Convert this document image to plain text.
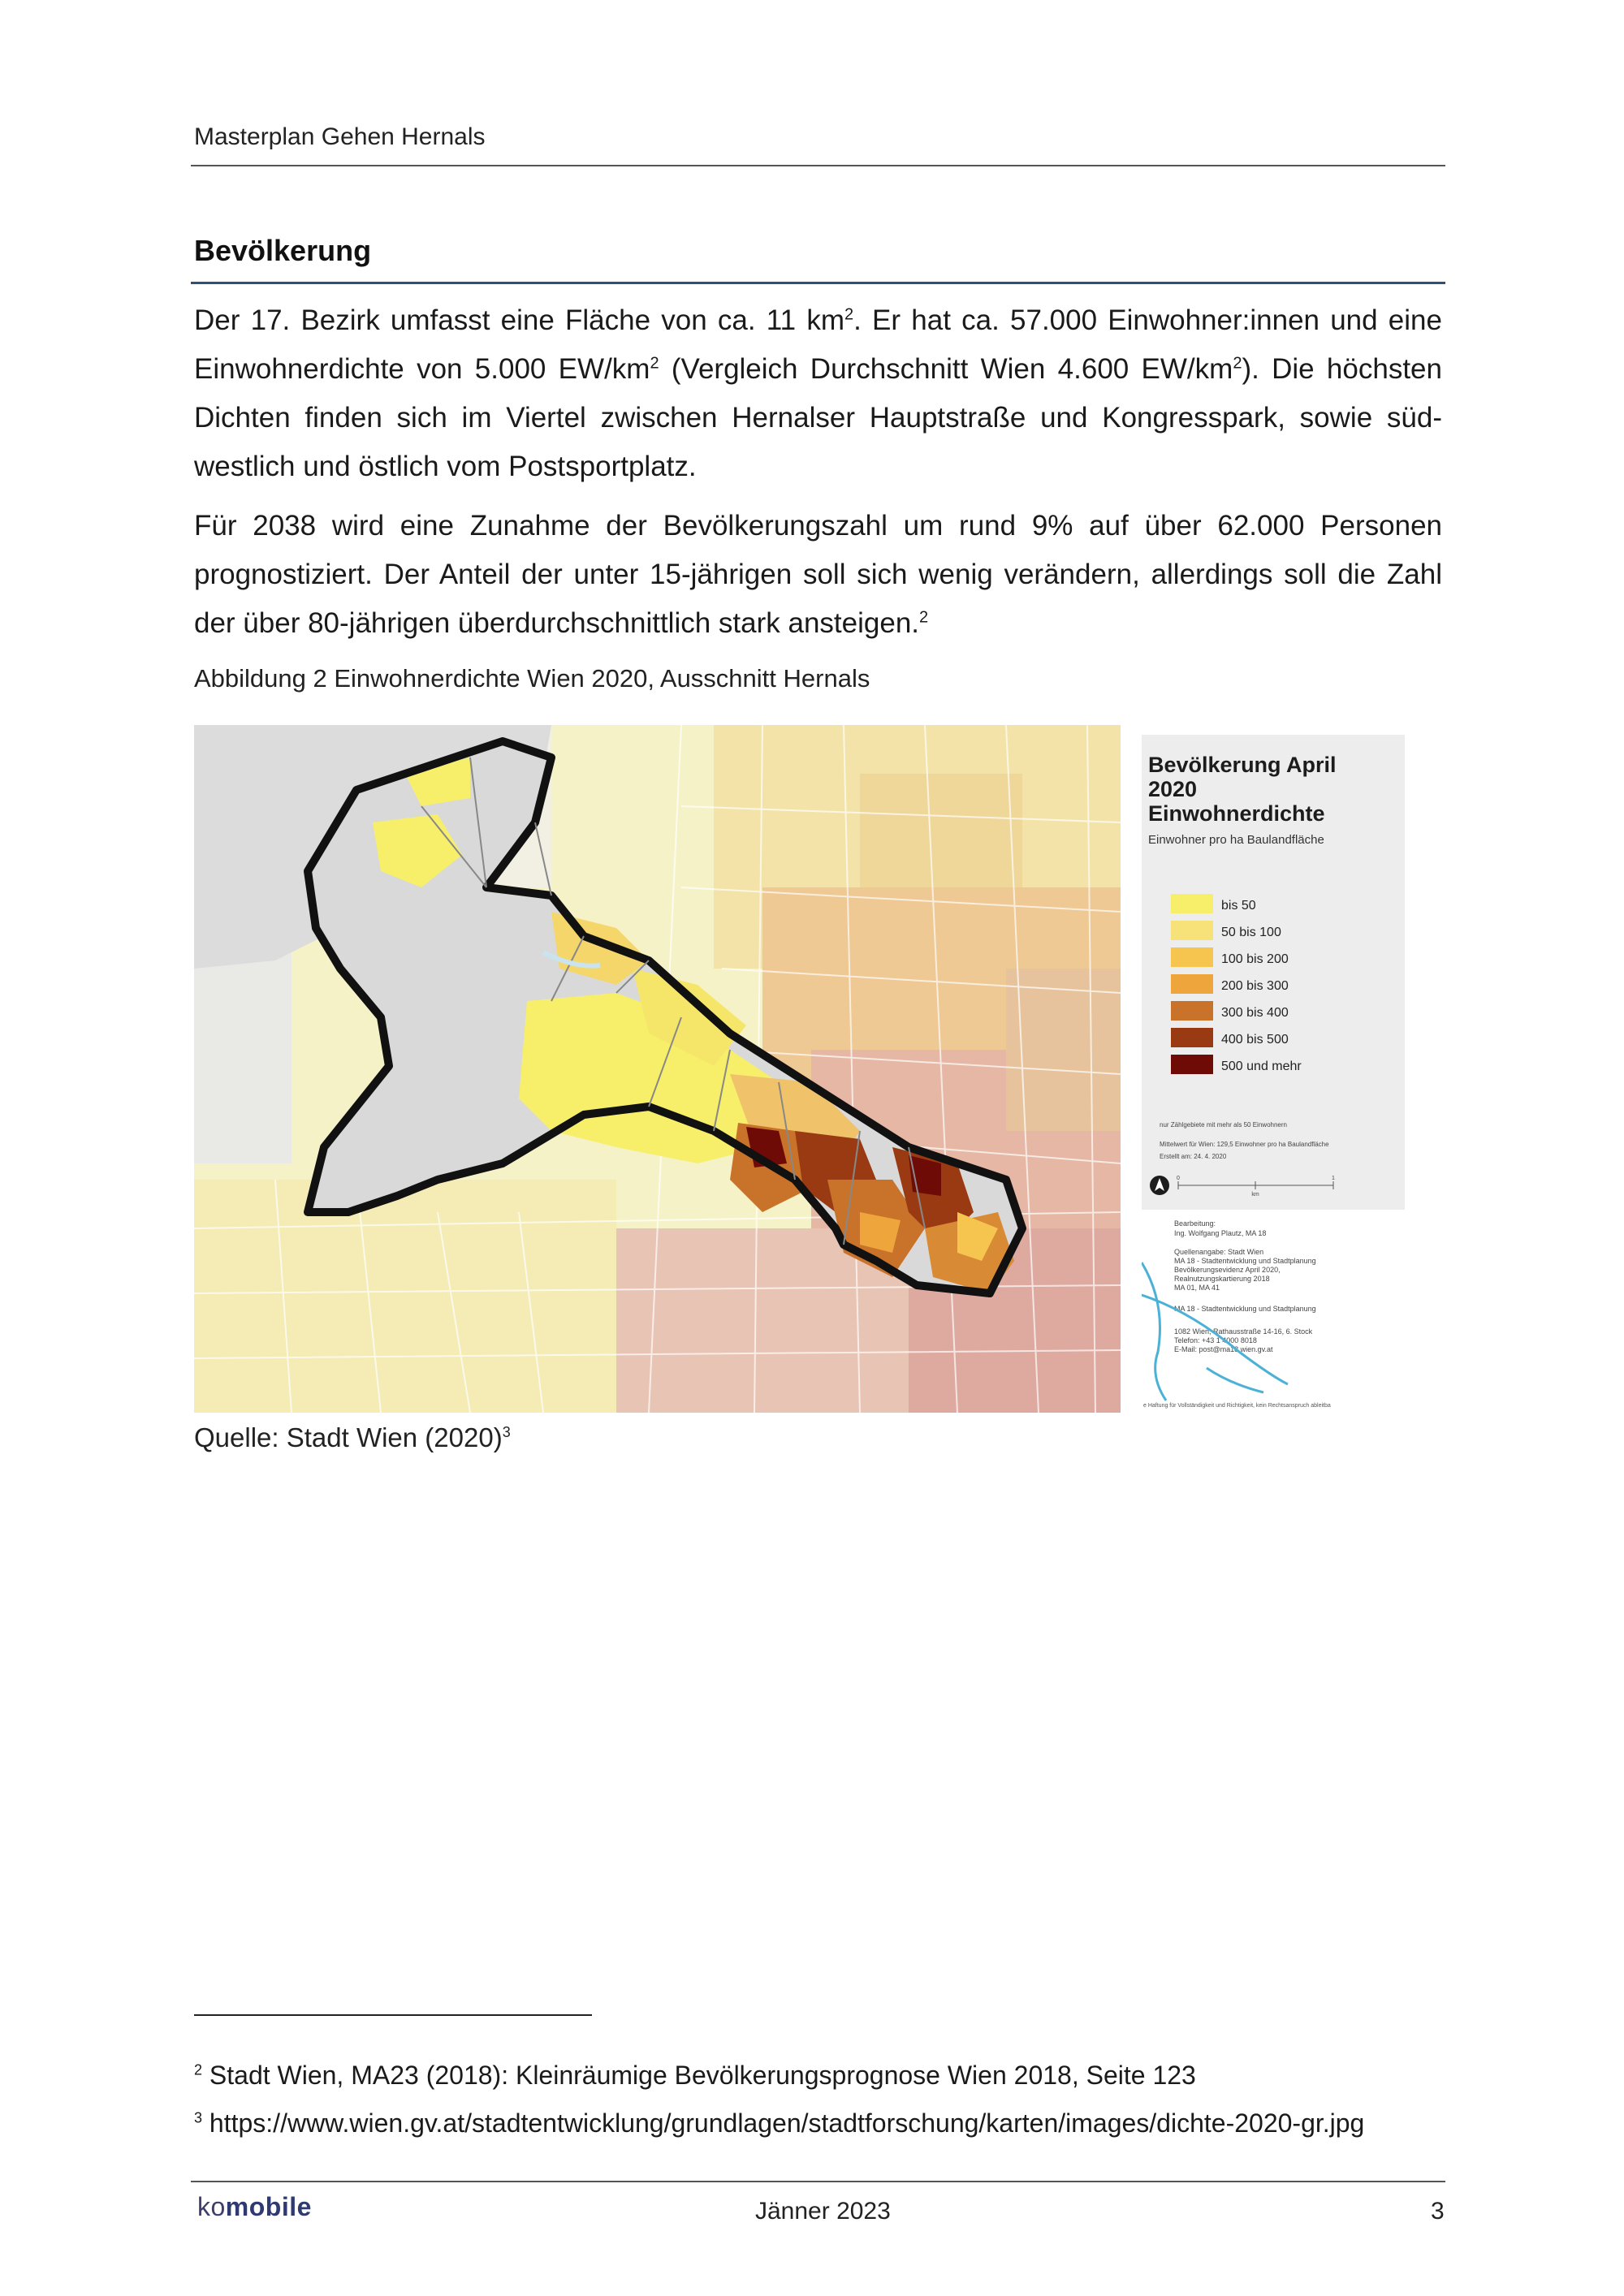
Masterplan Gehen Hernals
Bevölkerung

Der 17. Bezirk umfasst eine Fläche von ca. 11 $km^2$. Er hat ca. 57.000 Einwohner:innen und eine Einwohnerdichte von 5.000 $EW/km^2$ (Vergleich Durchschnitt Wien 4.600 $EW/km^2$). Die höchsten Dichten finden sich im Viertel zwischen Hernalser Hauptstraße und Kongresspark, sowie süd-westlich und östlich vom Postsportplatz.

Für 2038 wird eine Zunahme der Bevölkerungszahl um rund 9% auf über 62.000 Personen prognostiziert. Der Anteil der unter 15-jährigen soll sich wenig verändern, allerdings soll die Zahl der über 80-jährigen überdurchschnittlich stark ansteigen.$^2$

Abbildung 2 Einwohnerdichte Wien 2020, Ausschnitt Hernals
Bevölkerung April
2020
Einwohnerdichte
Einwohner pro ha Baulandfläche
bis 50
50 bis 100
100 bis 200
200 bis 300
300 bis 400
400 bis 500
500 und mehr
nur Zählgebiete mit mehr als 50 Einwohnern
Mittelwert für Wien: 129,5 Einwohner pro ha Baulandfläche
Erstellt am: 24. 4. 2020
0	1
km
Bearbeitung:
Ing. Wolfgang Plautz, MA 18
Quellenangabe: Stadt Wien
MA 18 - Stadtentwicklung und Stadtplanung
Bevölkerungsevidenz April 2020,
Realnutzungskartierung 2018
MA 01, MA 41
MA 18 - Stadtentwicklung und Stadtplanung
1082 Wien, Rathausstraße 14-16, 6. Stock
Telefon: +43 1 4000 8018
E-Mail: post@ma18.wien.gv.at
e Haftung für Vollständigkeit und Richtigkeit, kein Rechtsanspruch ableitba
Quelle: Stadt Wien $(2020)^3$
$^2$ Stadt Wien, MA23 (2018): Kleinräumige Bevölkerungsprognose Wien 2018, Seite 123
$^3$ https://www.wien.gv.at/stadtentwicklung/grundlagen/stadtforschung/karten/images/dichte-2020-gr.jpg
komobile	Jänner 2023	3
